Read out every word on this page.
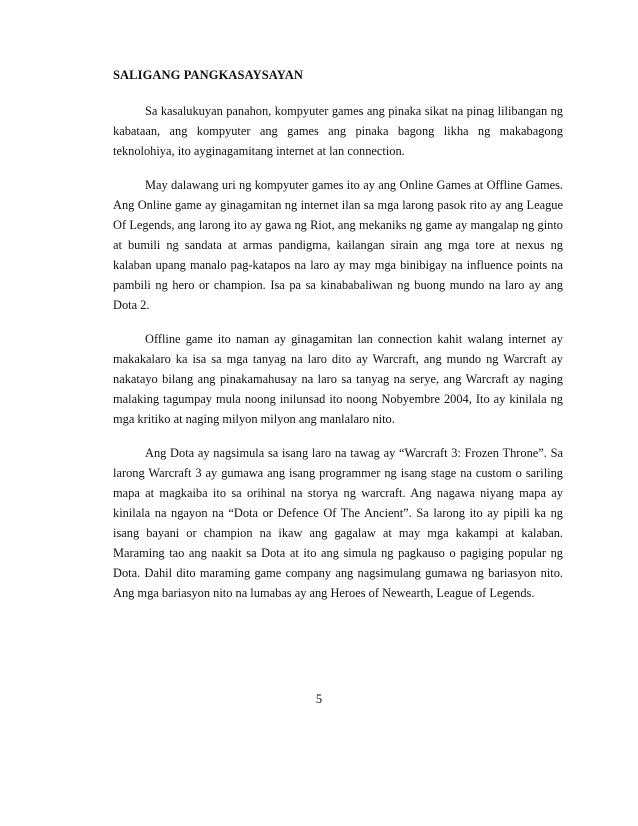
SALIGANG PANGKASAYSAYAN

Sa kasalukuyan panahon, kompyuter games ang pinaka sikat na pinag lilibangan ng kabataan, ang kompyuter ang games ang pinaka bagong likha ng makabagong teknolohiya, ito ayginagamitang internet at lan connection.

May dalawang uri ng kompyuter games ito ay ang Online Games at Offline Games. Ang Online game ay ginagamitan ng internet ilan sa mga larong pasok rito ay ang League Of Legends, ang larong ito ay gawa ng Riot, ang mekaniks ng game ay mangalap ng ginto at bumili ng sandata at armas pandigma, kailangan sirain ang mga tore at nexus ng kalaban upang manalo pag-katapos na laro ay may mga binibigay na influence points na pambili ng hero or champion. Isa pa sa kinababaliwan ng buong mundo na laro ay ang Dota 2.

Offline game ito naman ay ginagamitan lan connection kahit walang internet ay makakalaro ka isa sa mga tanyag na laro dito ay Warcraft, ang mundo ng Warcraft ay nakatayo bilang ang pinakamahusay na laro sa tanyag na serye, ang Warcraft ay naging malaking tagumpay mula noong inilunsad ito noong Nobyembre 2004, Ito ay kinilala ng mga kritiko at naging milyon milyon ang manlalaro nito.

Ang Dota ay nagsimula sa isang laro na tawag ay “Warcraft 3: Frozen Throne”. Sa larong Warcraft 3 ay gumawa ang isang programmer ng isang stage na custom o sariling mapa at magkaiba ito sa orihinal na storya ng warcraft. Ang nagawa niyang mapa ay kinilala na ngayon na “Dota or Defence Of The Ancient”. Sa larong ito ay pipili ka ng isang bayani or champion na ikaw ang gagalaw at may mga kakampi at kalaban. Maraming tao ang naakit sa Dota at ito ang simula ng pagkauso o pagiging popular ng Dota. Dahil dito maraming game company ang nagsimulang gumawa ng bariasyon nito. Ang mga bariasyon nito na lumabas ay ang Heroes of Newearth, League of Legends.

5
